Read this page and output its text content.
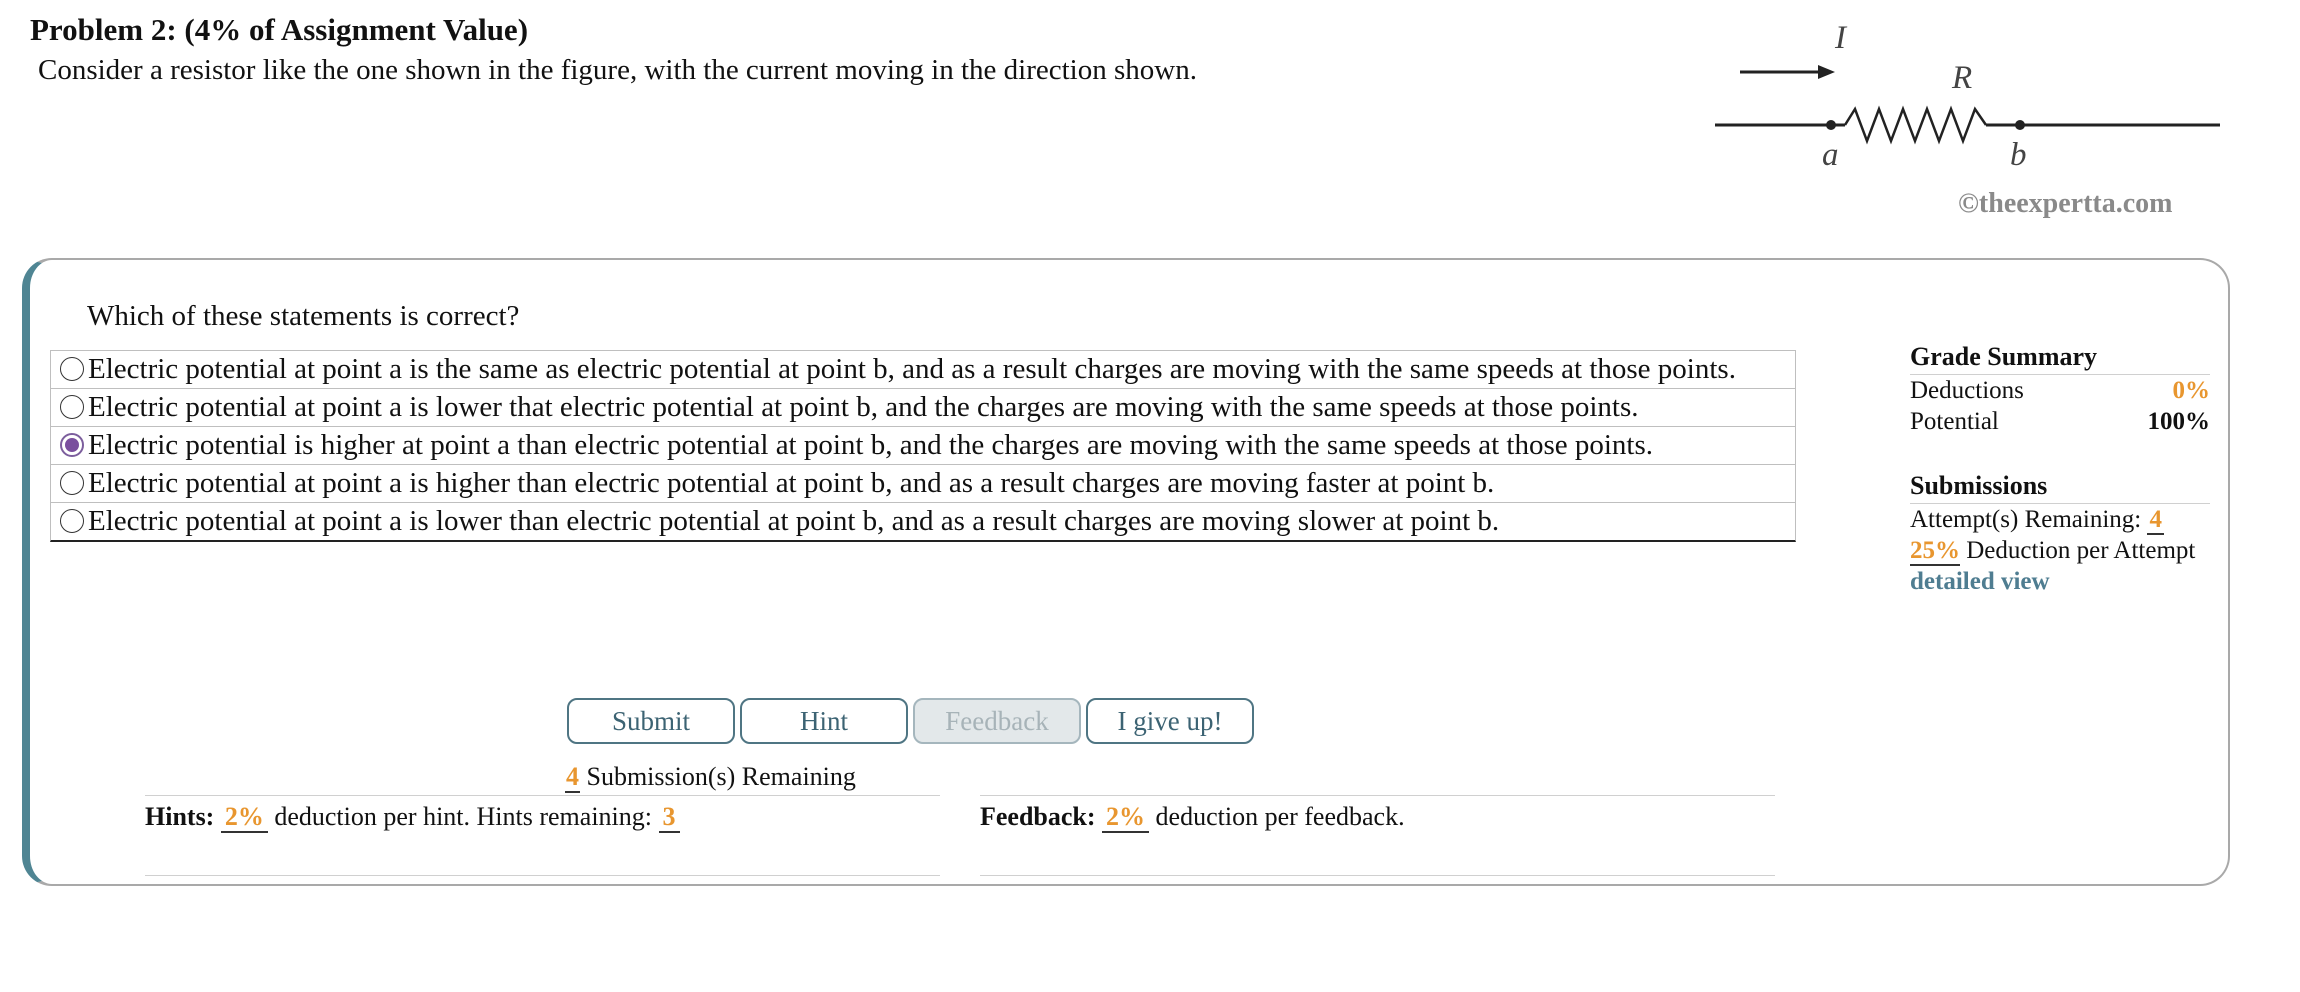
Problem 2: (4% of Assignment Value)
Consider a resistor like the one shown in the figure, with the current moving in the direction shown.
I
R
a	b
©theexpertta.com
Which of these statements is correct?
Electric potential at point a is the same as electric potential at point b, and as a result charges are moving with the same speeds at those points.
Electric potential at point a is lower that electric potential at point b, and the charges are moving with the same speeds at those points.
Electric potential is higher at point a than electric potential at point b, and the charges are moving with the same speeds at those points.
Electric potential at point a is higher than electric potential at point b, and as a result charges are moving faster at point b.
Electric potential at point a is lower than electric potential at point b, and as a result charges are moving slower at point b.
Submit	Hint	Feedback	I give up!
4 Submission(s) Remaining
Hints: 2% deduction per hint. Hints remaining: 3	Feedback: 2% deduction per feedback.
Grade Summary
Deductions	0%
Potential	100%
Submissions
Attempt(s) Remaining: 4
25% Deduction per Attempt
detailed view
